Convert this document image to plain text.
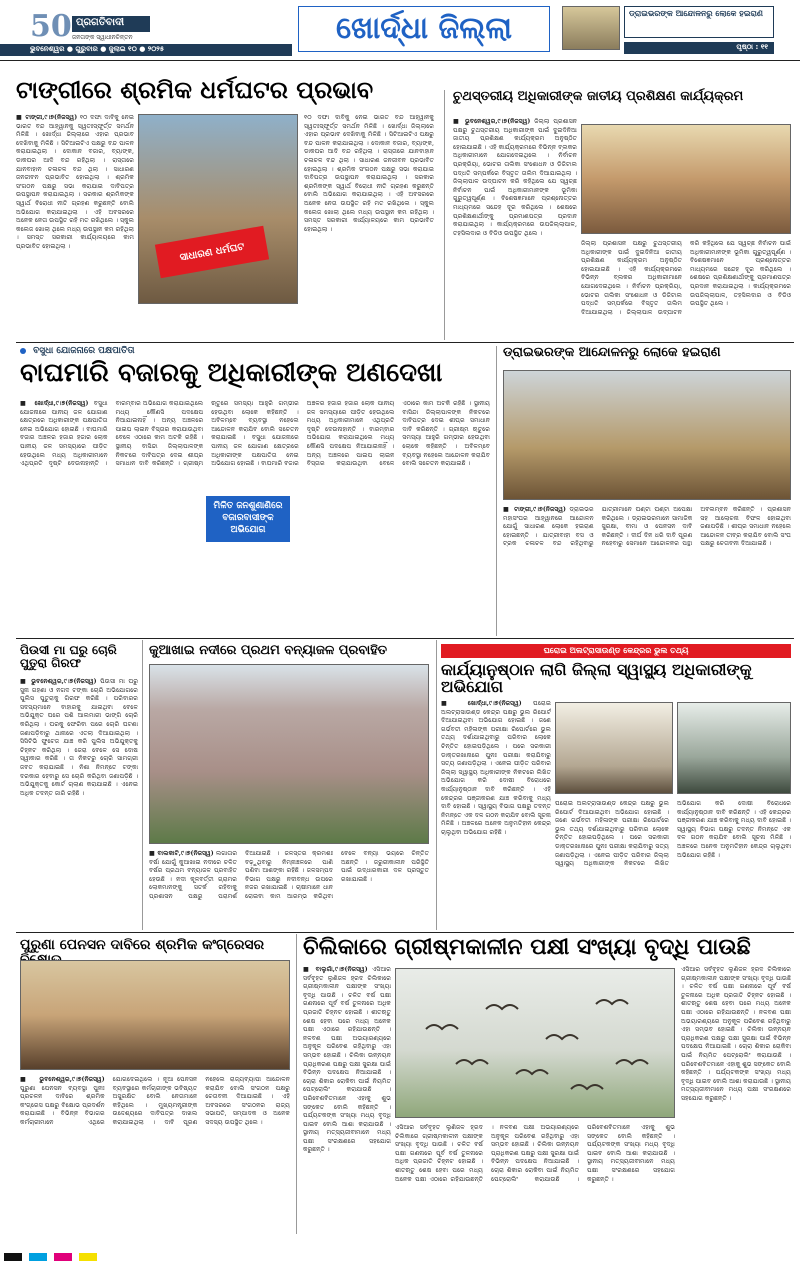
50 ପ୍ରଗତିବାଦୀ
ଜନତାଙ୍କ ସ୍ୱାଧୀନଚିନ୍ତନ
ଭୁବନେଶ୍ୱର ● ଗୁରୁବାର ● ଜୁଲାଇ ୧୦ ● ୨୦୨୫
ଖୋର୍ଦ୍ଧା ଜିଲ୍ଲା	ଡ୍ରାଇଭରଙ୍କ ଆନ୍ଦୋଳନରୁ ଲୋକେ ହଇରାଣ
ପୃଷ୍ଠା : ୧୧
ଟାଙ୍ଗୀରେ ଶ୍ରମିକ ଧର୍ମଘଟର ପ୍ରଭାବ
■ ଟାଙ୍ଗୀ,୯।୭(ନିଜସ୍ୱ) ୧୦ ଦଫା ଦାବିକୁ ନେଇ ଭାରତ ବନ୍ଦ ଆହ୍ୱାନକୁ ସ୍ୱତଃସ୍ଫୂର୍ତ୍ତ ସମର୍ଥନ ମିଳିଛି । ଖୋର୍ଦ୍ଧା ଜିଲ୍ଲାରେ ଏହାର ପ୍ରଭାବ ଦେଖିବାକୁ ମିଳିଛି । ସିଟିଆଇଟିଏ ପକ୍ଷରୁ ବନ୍ଦ ପାଳନ କରାଯାଇଥିଲା । ଦୋକାନ ବଜାର, ବ୍ୟାଙ୍କ, ଡାକଘର ଆଦି ବନ୍ଦ ରହିଥିଲା । ରାସ୍ତାରେ ଯାନବାହାନ ଚଳାଚଳ ବନ୍ଦ ଥିଲା । ସାଧାରଣ ଜନଜୀବନ ପ୍ରଭାବିତ ହୋଇଥିଲା । ଶ୍ରମିକ ସଂଗଠନ ପକ୍ଷରୁ ସଭା କରାଯାଇ ଦାବିପତ୍ର ଉପସ୍ଥାପନ କରାଯାଇଥିଲା । ସରକାର ଶ୍ରମିକଙ୍କ ସ୍ୱାର୍ଥ ବିରୋଧୀ ନୀତି ଗ୍ରହଣ କରୁଛନ୍ତି ବୋଲି ଅଭିଯୋଗ କରାଯାଇଥିଲା । ଏହି ଅବସରରେ ଅନେକ ନେତା ଉପସ୍ଥିତ ରହି ମତ ରଖିଥିଲେ । ସ୍କୁଲ କଲେଜ ଖୋଲା ଥିଲେ ମଧ୍ୟ ଉପସ୍ଥାନ କମ ରହିଥିଲା । ସମସ୍ତ ସରକାରୀ କାର୍ଯ୍ୟାଳୟରେ କାମ ପ୍ରଭାବିତ ହୋଇଥିଲା ।	ସାଧାରଣ ଧର୍ମଘଟ
୧୦ ଦଫା ଦାବିକୁ ନେଇ ଭାରତ ବନ୍ଦ ଆହ୍ୱାନକୁ ସ୍ୱତଃସ୍ଫୂର୍ତ୍ତ ସମର୍ଥନ ମିଳିଛି । ଖୋର୍ଦ୍ଧା ଜିଲ୍ଲାରେ ଏହାର ପ୍ରଭାବ ଦେଖିବାକୁ ମିଳିଛି । ସିଟିଆଇଟିଏ ପକ୍ଷରୁ ବନ୍ଦ ପାଳନ କରାଯାଇଥିଲା । ଦୋକାନ ବଜାର, ବ୍ୟାଙ୍କ, ଡାକଘର ଆଦି ବନ୍ଦ ରହିଥିଲା । ରାସ୍ତାରେ ଯାନବାହାନ ଚଳାଚଳ ବନ୍ଦ ଥିଲା । ସାଧାରଣ ଜନଜୀବନ ପ୍ରଭାବିତ ହୋଇଥିଲା । ଶ୍ରମିକ ସଂଗଠନ ପକ୍ଷରୁ ସଭା କରାଯାଇ ଦାବିପତ୍ର ଉପସ୍ଥାପନ କରାଯାଇଥିଲା । ସରକାର ଶ୍ରମିକଙ୍କ ସ୍ୱାର୍ଥ ବିରୋଧୀ ନୀତି ଗ୍ରହଣ କରୁଛନ୍ତି ବୋଲି ଅଭିଯୋଗ କରାଯାଇଥିଲା । ଏହି ଅବସରରେ ଅନେକ ନେତା ଉପସ୍ଥିତ ରହି ମତ ରଖିଥିଲେ । ସ୍କୁଲ କଲେଜ ଖୋଲା ଥିଲେ ମଧ୍ୟ ଉପସ୍ଥାନ କମ ରହିଥିଲା । ସମସ୍ତ ସରକାରୀ କାର୍ଯ୍ୟାଳୟରେ କାମ ପ୍ରଭାବିତ ହୋଇଥିଲା ।
ଚୁଥସ୍ତରୀୟ ଅଧିକାରୀଙ୍କ ଜାତୀୟ ପ୍ରଶିକ୍ଷଣ କାର୍ଯ୍ୟକ୍ରମ
■ ଭୁବନେଶ୍ୱର,୯।୭(ନିଜସ୍ୱ) ଜିଲ୍ଲା ପ୍ରଶାସନ ପକ୍ଷରୁ ଚୁଥସ୍ତରୀୟ ଅଧିକାରୀଙ୍କ ପାଇଁ ଦୁଇଦିନିଆ ଜାତୀୟ ପ୍ରଶିକ୍ଷଣ କାର୍ଯ୍ୟକ୍ରମ ଅନୁଷ୍ଠିତ ହୋଇଯାଇଛି । ଏହି କାର୍ଯ୍ୟକ୍ରମରେ ବିଭିନ୍ନ ବ୍ଲକର ଅଧିକାରୀମାନେ ଯୋଗଦେଇଥିଲେ । ନିର୍ବାଚନ ପ୍ରକ୍ରିୟା, ଭୋଟର ତାଲିକା ସଂଶୋଧନ ଓ ଡିଜିଟାଲ ପଦ୍ଧତି ସମ୍ପର୍କରେ ବିସ୍ତୃତ ତାଲିମ ଦିଆଯାଇଥିଲା । ଜିଲ୍ଲାପାଳ ଉଦ୍‌ଘାଟନ କରି କହିଥିଲେ ଯେ ସ୍ୱଚ୍ଛ ନିର୍ବାଚନ ପାଇଁ ଅଧିକାରୀମାନଙ୍କ ଭୂମିକା ଗୁରୁତ୍ୱପୂର୍ଣ୍ଣ । ବିଶେଷଜ୍ଞମାନେ ପ୍ରଶ୍ନୋତ୍ତର ମାଧ୍ୟମରେ ସନ୍ଦେହ ଦୂର କରିଥିଲେ । ଶେଷରେ ପ୍ରଶିକ୍ଷଣାର୍ଥୀଙ୍କୁ ପ୍ରମାଣପତ୍ର ପ୍ରଦାନ କରାଯାଇଥିଲା । କାର୍ଯ୍ୟକ୍ରମରେ ଉପଜିଲ୍ଲାପାଳ, ତହସିଲଦାର ଓ ବିଡିଓ ଉପସ୍ଥିତ ଥିଲେ ।
ଜିଲ୍ଲା ପ୍ରଶାସନ ପକ୍ଷରୁ ଚୁଥସ୍ତରୀୟ ଅଧିକାରୀଙ୍କ ପାଇଁ ଦୁଇଦିନିଆ ଜାତୀୟ ପ୍ରଶିକ୍ଷଣ କାର୍ଯ୍ୟକ୍ରମ ଅନୁଷ୍ଠିତ ହୋଇଯାଇଛି । ଏହି କାର୍ଯ୍ୟକ୍ରମରେ ବିଭିନ୍ନ ବ୍ଲକର ଅଧିକାରୀମାନେ ଯୋଗଦେଇଥିଲେ । ନିର୍ବାଚନ ପ୍ରକ୍ରିୟା, ଭୋଟର ତାଲିକା ସଂଶୋଧନ ଓ ଡିଜିଟାଲ ପଦ୍ଧତି ସମ୍ପର୍କରେ ବିସ୍ତୃତ ତାଲିମ ଦିଆଯାଇଥିଲା । ଜିଲ୍ଲାପାଳ ଉଦ୍‌ଘାଟନ କରି କହିଥିଲେ ଯେ ସ୍ୱଚ୍ଛ ନିର୍ବାଚନ ପାଇଁ ଅଧିକାରୀମାନଙ୍କ ଭୂମିକା ଗୁରୁତ୍ୱପୂର୍ଣ୍ଣ । ବିଶେଷଜ୍ଞମାନେ ପ୍ରଶ୍ନୋତ୍ତର ମାଧ୍ୟମରେ ସନ୍ଦେହ ଦୂର କରିଥିଲେ । ଶେଷରେ ପ୍ରଶିକ୍ଷଣାର୍ଥୀଙ୍କୁ ପ୍ରମାଣପତ୍ର ପ୍ରଦାନ କରାଯାଇଥିଲା । କାର୍ଯ୍ୟକ୍ରମରେ ଉପଜିଲ୍ଲାପାଳ, ତହସିଲଦାର ଓ ବିଡିଓ ଉପସ୍ଥିତ ଥିଲେ ।
ବସୁଧା ଯୋଜନାରେ ପକ୍ଷପାତିତା
ବାଘମାରି ବଜାରକୁ ଅଧିକାରୀଙ୍କ ଅଣଦେଖା
■ ଖୋର୍ଦ୍ଧା,୯।୭(ନିଜସ୍ୱ) ବସୁଧା ଯୋଜନାରେ ପାନୀୟ ଜଳ ଯୋଗାଣ କ୍ଷେତ୍ରରେ ଅଧିକାରୀଙ୍କ ପକ୍ଷପାତିତା ନେଇ ଅଭିଯୋଗ ହୋଇଛି । ବାଘମାରି ବଜାର ଅଞ୍ଚଳର ହଜାର ହଜାର ଲୋକ ପାନୀୟ ଜଳ ସମସ୍ୟାରେ ପୀଡ଼ିତ ହେଉଥିଲେ ମଧ୍ୟ ଅଧିକାରୀମାନେ ଏଥିପ୍ରତି ଦୃଷ୍ଟି ଦେଉନାହାନ୍ତି । ବାରମ୍ବାର ଅଭିଯୋଗ କରାଯାଇଥିଲେ ମଧ୍ୟ କୌଣସି ପଦକ୍ଷେପ ନିଆଯାଇନାହିଁ । ଅନ୍ୟ ଅଞ୍ଚଳରେ ପାଇପ ଲାଇନ ବିସ୍ତାର କରାଯାଉଥିବା ବେଳେ ଏଠାରେ କାମ ଅଟକି ରହିଛି । ସ୍ଥାନୀୟ ବାସିନ୍ଦା ଜିଲ୍ଲାପାଳଙ୍କ ନିକଟରେ ଦାବିପତ୍ର ଦେଇ ଶୀଘ୍ର ସମାଧାନ ଦାବି କରିଛନ୍ତି । ଗ୍ରୀଷ୍ମ ଋତୁରେ ସମସ୍ୟା ଆହୁରି ଗମ୍ଭୀର ହେଉଥିବା ଲୋକେ କହିଛନ୍ତି । ଅବିଳମ୍ବେ ବ୍ୟବସ୍ଥା ନହେଲେ ଆନ୍ଦୋଳନ କରାଯିବ ବୋଲି ସଚେତନ କରାଯାଇଛି । ବସୁଧା ଯୋଜନାରେ ପାନୀୟ ଜଳ ଯୋଗାଣ କ୍ଷେତ୍ରରେ ଅଧିକାରୀଙ୍କ ପକ୍ଷପାତିତା ନେଇ ଅଭିଯୋଗ ହୋଇଛି । ବାଘମାରି ବଜାର ଅଞ୍ଚଳର ହଜାର ହଜାର ଲୋକ ପାନୀୟ ଜଳ ସମସ୍ୟାରେ ପୀଡ଼ିତ ହେଉଥିଲେ ମଧ୍ୟ ଅଧିକାରୀମାନେ ଏଥିପ୍ରତି ଦୃଷ୍ଟି ଦେଉନାହାନ୍ତି । ବାରମ୍ବାର ଅଭିଯୋଗ କରାଯାଇଥିଲେ ମଧ୍ୟ କୌଣସି ପଦକ୍ଷେପ ନିଆଯାଇନାହିଁ । ଅନ୍ୟ ଅଞ୍ଚଳରେ ପାଇପ ଲାଇନ ବିସ୍ତାର କରାଯାଉଥିବା ବେଳେ ଏଠାରେ କାମ ଅଟକି ରହିଛି । ସ୍ଥାନୀୟ ବାସିନ୍ଦା ଜିଲ୍ଲାପାଳଙ୍କ ନିକଟରେ ଦାବିପତ୍ର ଦେଇ ଶୀଘ୍ର ସମାଧାନ ଦାବି କରିଛନ୍ତି । ଗ୍ରୀଷ୍ମ ଋତୁରେ ସମସ୍ୟା ଆହୁରି ଗମ୍ଭୀର ହେଉଥିବା ଲୋକେ କହିଛନ୍ତି । ଅବିଳମ୍ବେ ବ୍ୟବସ୍ଥା ନହେଲେ ଆନ୍ଦୋଳନ କରାଯିବ ବୋଲି ସଚେତନ କରାଯାଇଛି ।
ମିଳିତ ଜନଶୁଣାଣିରେ ବଜାରବାସୀଙ୍କ ଅଭିଯୋଗ
ଡ୍ରାଇଭରଙ୍କ ଆନ୍ଦୋଳନରୁ ଲୋକେ ହଇରାଣ
■ ଟାଙ୍ଗୀ,୯।୭(ନିଜସ୍ୱ) ଡ୍ରାଇଭର ମହାସଂଘର ଆହ୍ୱାନରେ ଆନ୍ଦୋଳନ ଯୋଗୁଁ ସାଧାରଣ ଲୋକେ ହଇରାଣ ହୋଇଛନ୍ତି । ଯାତ୍ରୀବାହୀ ବସ ଓ ଟ୍ରକ ଚଳାଚଳ ବନ୍ଦ ରହିଥିବାରୁ ଯାତ୍ରୀମାନେ ଘଣ୍ଟା ଘଣ୍ଟା ଅପେକ୍ଷା କରିଥିଲେ । ଡ୍ରାଇଭରମାନେ ସାମାଜିକ ସୁରକ୍ଷା, ବୀମା ଓ ପେନସନ ଦାବି କରିଛନ୍ତି । ଦୀର୍ଘ ଦିନ ଧରି ଦାବି ପୂରଣ ନହେବାରୁ ସେମାନେ ଆନ୍ଦୋଳନର ପନ୍ଥା ଅବଲମ୍ବନ କରିଛନ୍ତି । ପ୍ରଶାସନ ସହ ଆଲୋଚନା ବିଫଳ ହୋଇଥିବା ଜଣାପଡ଼ିଛି । ଶୀଘ୍ର ସମାଧାନ ନହେଲେ ଆନ୍ଦୋଳନ ତୀବ୍ର କରାଯିବ ବୋଲି ସଂଘ ପକ୍ଷରୁ ଚେତାବନୀ ଦିଆଯାଇଛି ।
ପିଉସୀ ମା ଘରୁ ଚୋରି ପୁତୁରା ଗିରଫ
■ ଭୁବନେଶ୍ୱର,୯।୭(ନିଜସ୍ୱ) ପିଉସୀ ମା ଘରୁ ସୁନା ଗହଣା ଓ ନଗଦ ଟଙ୍କା ଚୋରି ଅଭିଯୋଗରେ ପୁଲିସ ପୁତୁରାକୁ ଗିରଫ କରିଛି । ପରିବାରର ସଦସ୍ୟମାନେ ବାହାରକୁ ଯାଇଥିବା ବେଳେ ଅଭିଯୁକ୍ତ ଘରେ ପଶି ଆଲମାରୀ ଭାଙ୍ଗି ଚୋରି କରିଥିଲା । ଘରକୁ ଫେରିବା ପରେ ଚୋରି ଘଟଣା ଜଣାପଡ଼ିବାରୁ ଥାନାରେ ଏତଲା ଦିଆଯାଇଥିଲା । ସିସିଟିଭି ଫୁଟେଜ ଯାଞ୍ଚ କରି ପୁଲିସ ଅଭିଯୁକ୍ତକୁ ଚିହ୍ନଟ କରିଥିଲା । ଜେରା ବେଳେ ସେ ଦୋଷ ସ୍ୱୀକାର କରିଛି । ତା ନିକଟରୁ ଚୋରି ସାମଗ୍ରୀ ଜବତ କରାଯାଇଛି । ନିଶା ନିମନ୍ତେ ଟଙ୍କା ଦରକାର ହେବାରୁ ସେ ଚୋରି କରିଥିବା ଜଣାପଡ଼ିଛି । ଅଭିଯୁକ୍ତକୁ କୋର୍ଟ ଚାଲାଣ କରାଯାଇଛି । ଏନେଇ ଅଧିକ ତଦନ୍ତ ଜାରି ରହିଛି ।
କୁଆଖାଇ ନଦୀରେ ପ୍ରଥମ ବନ୍ୟାଜଳ ପ୍ରବାହିତ
■ ବାଲକାଟି,୯।୭(ନିଜସ୍ୱ) ଲଗାତାର ବର୍ଷା ଯୋଗୁଁ କୁଆଖାଇ ନଦୀରେ ଚଳିତ ବର୍ଷର ପ୍ରଥମ ବନ୍ୟାଜଳ ପ୍ରବାହିତ ହେଉଛି । ନଦୀ କୂଳବର୍ତ୍ତୀ ଗ୍ରାମର ଲୋକମାନଙ୍କୁ ସତର୍କ ରହିବାକୁ ପ୍ରଶାସନ ପକ୍ଷରୁ ପରାମର୍ଶ ଦିଆଯାଇଛି । ଜଳସ୍ତର କ୍ରମଶଃ ବଢ଼ୁଥିବାରୁ ନିମ୍ନାଞ୍ଚଳରେ ପାଣି ପଶିବା ଆଶଙ୍କା ରହିଛି । ଜଳସମ୍ପଦ ବିଭାଗ ପକ୍ଷରୁ ନଦୀବନ୍ଧ ଉପରେ ନଜର ରଖାଯାଇଛି । ଚାଷୀମାନେ ଧାନ ରୋଇବା କାମ ଆରମ୍ଭ କରିଥିବା ବେଳେ ବନ୍ୟା ଭୟରେ ଚିନ୍ତିତ ଅଛନ୍ତି । ଜରୁରୀକାଳୀନ ପରିସ୍ଥିତି ପାଇଁ ଉଦ୍ଧାରକାରୀ ଦଳ ପ୍ରସ୍ତୁତ ରଖାଯାଇଛି ।
ଘରୋଇ ଅଲଟ୍ରାସାଉଣ୍ଡ କେନ୍ଦ୍ରର ଭୁଲ ତଥ୍ୟ
କାର୍ଯ୍ୟାନୁଷ୍ଠାନ ଲାଗି ଜିଲ୍ଲା ସ୍ୱାସ୍ଥ୍ୟ ଅଧିକାରୀଙ୍କୁ ଅଭିଯୋଗ
■ ଖୋର୍ଦ୍ଧା,୯।୭(ନିଜସ୍ୱ) ଘରୋଇ ଅଲଟ୍ରାସାଉଣ୍ଡ କେନ୍ଦ୍ର ପକ୍ଷରୁ ଭୁଲ ରିପୋର୍ଟ ଦିଆଯାଇଥିବା ଅଭିଯୋଗ ହୋଇଛି । ଜଣେ ଗର୍ଭବତୀ ମହିଳାଙ୍କ ପରୀକ୍ଷା ରିପୋର୍ଟରେ ଭୁଲ ତଥ୍ୟ ଦର୍ଶାଯାଇଥିବାରୁ ପରିବାର ଲୋକେ ଚିନ୍ତିତ ହୋଇପଡ଼ିଥିଲେ । ପରେ ସରକାରୀ ଡାକ୍ତରଖାନାରେ ପୁନଃ ପରୀକ୍ଷା କରାଯିବାରୁ ସତ୍ୟ ଜଣାପଡ଼ିଥିଲା । ଏନେଇ ପୀଡ଼ିତ ପରିବାର ଜିଲ୍ଲା ସ୍ୱାସ୍ଥ୍ୟ ଅଧିକାରୀଙ୍କ ନିକଟରେ ଲିଖିତ ଅଭିଯୋଗ କରି ଦୋଷୀ ବିରୋଧରେ କାର୍ଯ୍ୟାନୁଷ୍ଠାନ ଦାବି କରିଛନ୍ତି । ଏହି କେନ୍ଦ୍ରର ପଞ୍ଜୀକରଣ ଯାଞ୍ଚ କରିବାକୁ ମଧ୍ୟ ଦାବି ହୋଇଛି । ସ୍ୱାସ୍ଥ୍ୟ ବିଭାଗ ପକ୍ଷରୁ ତଦନ୍ତ ନିମନ୍ତେ ଏକ ଦଳ ଗଠନ କରାଯିବ ବୋଲି ସୂଚନା ମିଳିଛି । ଅଞ୍ଚଳରେ ଅନେକ ଅନୁମତିହୀନ କେନ୍ଦ୍ର ଚାଲୁଥିବା ଅଭିଯୋଗ ରହିଛି ।
ଘରୋଇ ଅଲଟ୍ରାସାଉଣ୍ଡ କେନ୍ଦ୍ର ପକ୍ଷରୁ ଭୁଲ ରିପୋର୍ଟ ଦିଆଯାଇଥିବା ଅଭିଯୋଗ ହୋଇଛି । ଜଣେ ଗର୍ଭବତୀ ମହିଳାଙ୍କ ପରୀକ୍ଷା ରିପୋର୍ଟରେ ଭୁଲ ତଥ୍ୟ ଦର୍ଶାଯାଇଥିବାରୁ ପରିବାର ଲୋକେ ଚିନ୍ତିତ ହୋଇପଡ଼ିଥିଲେ । ପରେ ସରକାରୀ ଡାକ୍ତରଖାନାରେ ପୁନଃ ପରୀକ୍ଷା କରାଯିବାରୁ ସତ୍ୟ ଜଣାପଡ଼ିଥିଲା । ଏନେଇ ପୀଡ଼ିତ ପରିବାର ଜିଲ୍ଲା ସ୍ୱାସ୍ଥ୍ୟ ଅଧିକାରୀଙ୍କ ନିକଟରେ ଲିଖିତ ଅଭିଯୋଗ କରି ଦୋଷୀ ବିରୋଧରେ କାର୍ଯ୍ୟାନୁଷ୍ଠାନ ଦାବି କରିଛନ୍ତି । ଏହି କେନ୍ଦ୍ରର ପଞ୍ଜୀକରଣ ଯାଞ୍ଚ କରିବାକୁ ମଧ୍ୟ ଦାବି ହୋଇଛି । ସ୍ୱାସ୍ଥ୍ୟ ବିଭାଗ ପକ୍ଷରୁ ତଦନ୍ତ ନିମନ୍ତେ ଏକ ଦଳ ଗଠନ କରାଯିବ ବୋଲି ସୂଚନା ମିଳିଛି । ଅଞ୍ଚଳରେ ଅନେକ ଅନୁମତିହୀନ କେନ୍ଦ୍ର ଚାଲୁଥିବା ଅଭିଯୋଗ ରହିଛି ।
ପୁରୁଣା ପେନସନ ଦାବିରେ ଶ୍ରମିକ କଂଗ୍ରେସର
■ ଭୁବନେଶ୍ୱର,୯।୭(ନିଜସ୍ୱ) ପୁରୁଣା ପେନସନ ବ୍ୟବସ୍ଥା ପୁନଃ ପ୍ରଚଳନ ଦାବିରେ ଶ୍ରମିକ କଂଗ୍ରେସ ପକ୍ଷରୁ ବିକ୍ଷୋଭ ପ୍ରଦର୍ଶନ କରାଯାଇଛି । ବିଭିନ୍ନ ବିଭାଗର କର୍ମଚାରୀମାନେ ଏଥିରେ ଯୋଗଦେଇଥିଲେ । ନୂଆ ପେନସନ ବ୍ୟବସ୍ଥାରେ କର୍ମଚାରୀଙ୍କ ଭବିଷ୍ୟତ ଅସୁରକ୍ଷିତ ବୋଲି ନେତାମାନେ କହିଥିଲେ । ମୁଖ୍ୟମନ୍ତ୍ରୀଙ୍କ ଉଦ୍ଦେଶ୍ୟରେ ଦାବିପତ୍ର ଦାଖଲ କରାଯାଇଥିଲା । ଦାବି ପୂରଣ ନହେଲେ ରାଜ୍ୟବ୍ୟାପୀ ଆନ୍ଦୋଳନ କରାଯିବ ବୋଲି ସଂଗଠନ ପକ୍ଷରୁ ଚେତାବନୀ ଦିଆଯାଇଛି । ଏହି ଅବସରରେ ସଂଗଠନର ରାଜ୍ୟ ସଭାପତି, ସମ୍ପାଦକ ଓ ଅନେକ ସଦସ୍ୟ ଉପସ୍ଥିତ ଥିଲେ ।
ଚିଲିକାରେ ଗ୍ରୀଷ୍ମକାଳୀନ ପକ୍ଷୀ ସଂଖ୍ୟା ବୃଦ୍ଧି ପାଉଛି
■ ବାଲୁଗାଁ,୯।୭(ନିଜସ୍ୱ) ଏସିଆର ସର୍ବବୃହତ ଲୁଣିଜଳ ହ୍ରଦ ଚିଲିକାରେ ଗ୍ରୀଷ୍ମକାଳୀନ ପକ୍ଷୀଙ୍କ ସଂଖ୍ୟା ବୃଦ୍ଧି ପାଉଛି । ଚଳିତ ବର୍ଷ ପକ୍ଷୀ ଗଣନାରେ ପୂର୍ବ ବର୍ଷ ତୁଳନାରେ ଅଧିକ ପ୍ରଜାତି ଚିହ୍ନଟ ହୋଇଛି । ଶୀତଋତୁ ଶେଷ ହେବା ପରେ ମଧ୍ୟ ଅନେକ ପକ୍ଷୀ ଏଠାରେ ରହିଯାଉଛନ୍ତି । ନଳବଣ ପକ୍ଷୀ ଅଭୟାରଣ୍ୟରେ ଅନୁକୂଳ ପରିବେଶ ରହିଥିବାରୁ ଏହା ସମ୍ଭବ ହୋଇଛି । ଚିଲିକା ଉନ୍ନୟନ ପ୍ରାଧିକରଣ ପକ୍ଷରୁ ପକ୍ଷୀ ସୁରକ୍ଷା ପାଇଁ ବିଭିନ୍ନ ପଦକ୍ଷେପ ନିଆଯାଇଛି । ଚୋରା ଶିକାର ରୋକିବା ପାଇଁ ନିୟମିତ ପେଟ୍ରୋଲିଂ କରାଯାଉଛି । ପରିବେଶବିତମାନେ ଏହାକୁ ଶୁଭ ସଙ୍କେତ ବୋଲି କହିଛନ୍ତି । ପର୍ଯ୍ୟଟକଙ୍କ ସଂଖ୍ୟା ମଧ୍ୟ ବୃଦ୍ଧି ପାଇବ ବୋଲି ଆଶା କରାଯାଉଛି । ସ୍ଥାନୀୟ ମତ୍ସ୍ୟଜୀବୀମାନେ ମଧ୍ୟ ପକ୍ଷୀ ସଂରକ୍ଷଣରେ ସହଯୋଗ କରୁଛନ୍ତି ।
ଏସିଆର ସର୍ବବୃହତ ଲୁଣିଜଳ ହ୍ରଦ ଚିଲିକାରେ ଗ୍ରୀଷ୍ମକାଳୀନ ପକ୍ଷୀଙ୍କ ସଂଖ୍ୟା ବୃଦ୍ଧି ପାଉଛି । ଚଳିତ ବର୍ଷ ପକ୍ଷୀ ଗଣନାରେ ପୂର୍ବ ବର୍ଷ ତୁଳନାରେ ଅଧିକ ପ୍ରଜାତି ଚିହ୍ନଟ ହୋଇଛି । ଶୀତଋତୁ ଶେଷ ହେବା ପରେ ମଧ୍ୟ ଅନେକ ପକ୍ଷୀ ଏଠାରେ ରହିଯାଉଛନ୍ତି । ନଳବଣ ପକ୍ଷୀ ଅଭୟାରଣ୍ୟରେ ଅନୁକୂଳ ପରିବେଶ ରହିଥିବାରୁ ଏହା ସମ୍ଭବ ହୋଇଛି । ଚିଲିକା ଉନ୍ନୟନ ପ୍ରାଧିକରଣ ପକ୍ଷରୁ ପକ୍ଷୀ ସୁରକ୍ଷା ପାଇଁ ବିଭିନ୍ନ ପଦକ୍ଷେପ ନିଆଯାଇଛି । ଚୋରା ଶିକାର ରୋକିବା ପାଇଁ ନିୟମିତ ପେଟ୍ରୋଲିଂ କରାଯାଉଛି । ପରିବେଶବିତମାନେ ଏହାକୁ ଶୁଭ ସଙ୍କେତ ବୋଲି କହିଛନ୍ତି । ପର୍ଯ୍ୟଟକଙ୍କ ସଂଖ୍ୟା ମଧ୍ୟ ବୃଦ୍ଧି ପାଇବ ବୋଲି ଆଶା କରାଯାଉଛି । ସ୍ଥାନୀୟ ମତ୍ସ୍ୟଜୀବୀମାନେ ମଧ୍ୟ ପକ୍ଷୀ ସଂରକ୍ଷଣରେ ସହଯୋଗ କରୁଛନ୍ତି ।
ଏସିଆର ସର୍ବବୃହତ ଲୁଣିଜଳ ହ୍ରଦ ଚିଲିକାରେ ଗ୍ରୀଷ୍ମକାଳୀନ ପକ୍ଷୀଙ୍କ ସଂଖ୍ୟା ବୃଦ୍ଧି ପାଉଛି । ଚଳିତ ବର୍ଷ ପକ୍ଷୀ ଗଣନାରେ ପୂର୍ବ ବର୍ଷ ତୁଳନାରେ ଅଧିକ ପ୍ରଜାତି ଚିହ୍ନଟ ହୋଇଛି । ଶୀତଋତୁ ଶେଷ ହେବା ପରେ ମଧ୍ୟ ଅନେକ ପକ୍ଷୀ ଏଠାରେ ରହିଯାଉଛନ୍ତି । ନଳବଣ ପକ୍ଷୀ ଅଭୟାରଣ୍ୟରେ ଅନୁକୂଳ ପରିବେଶ ରହିଥିବାରୁ ଏହା ସମ୍ଭବ ହୋଇଛି । ଚିଲିକା ଉନ୍ନୟନ ପ୍ରାଧିକରଣ ପକ୍ଷରୁ ପକ୍ଷୀ ସୁରକ୍ଷା ପାଇଁ ବିଭିନ୍ନ ପଦକ୍ଷେପ ନିଆଯାଇଛି । ଚୋରା ଶିକାର ରୋକିବା ପାଇଁ ନିୟମିତ ପେଟ୍ରୋଲିଂ କରାଯାଉଛି । ପରିବେଶବିତମାନେ ଏହାକୁ ଶୁଭ ସଙ୍କେତ ବୋଲି କହିଛନ୍ତି । ପର୍ଯ୍ୟଟକଙ୍କ ସଂଖ୍ୟା ମଧ୍ୟ ବୃଦ୍ଧି ପାଇବ ବୋଲି ଆଶା କରାଯାଉଛି । ସ୍ଥାନୀୟ ମତ୍ସ୍ୟଜୀବୀମାନେ ମଧ୍ୟ ପକ୍ଷୀ ସଂରକ୍ଷଣରେ ସହଯୋଗ କରୁଛନ୍ତି ।
